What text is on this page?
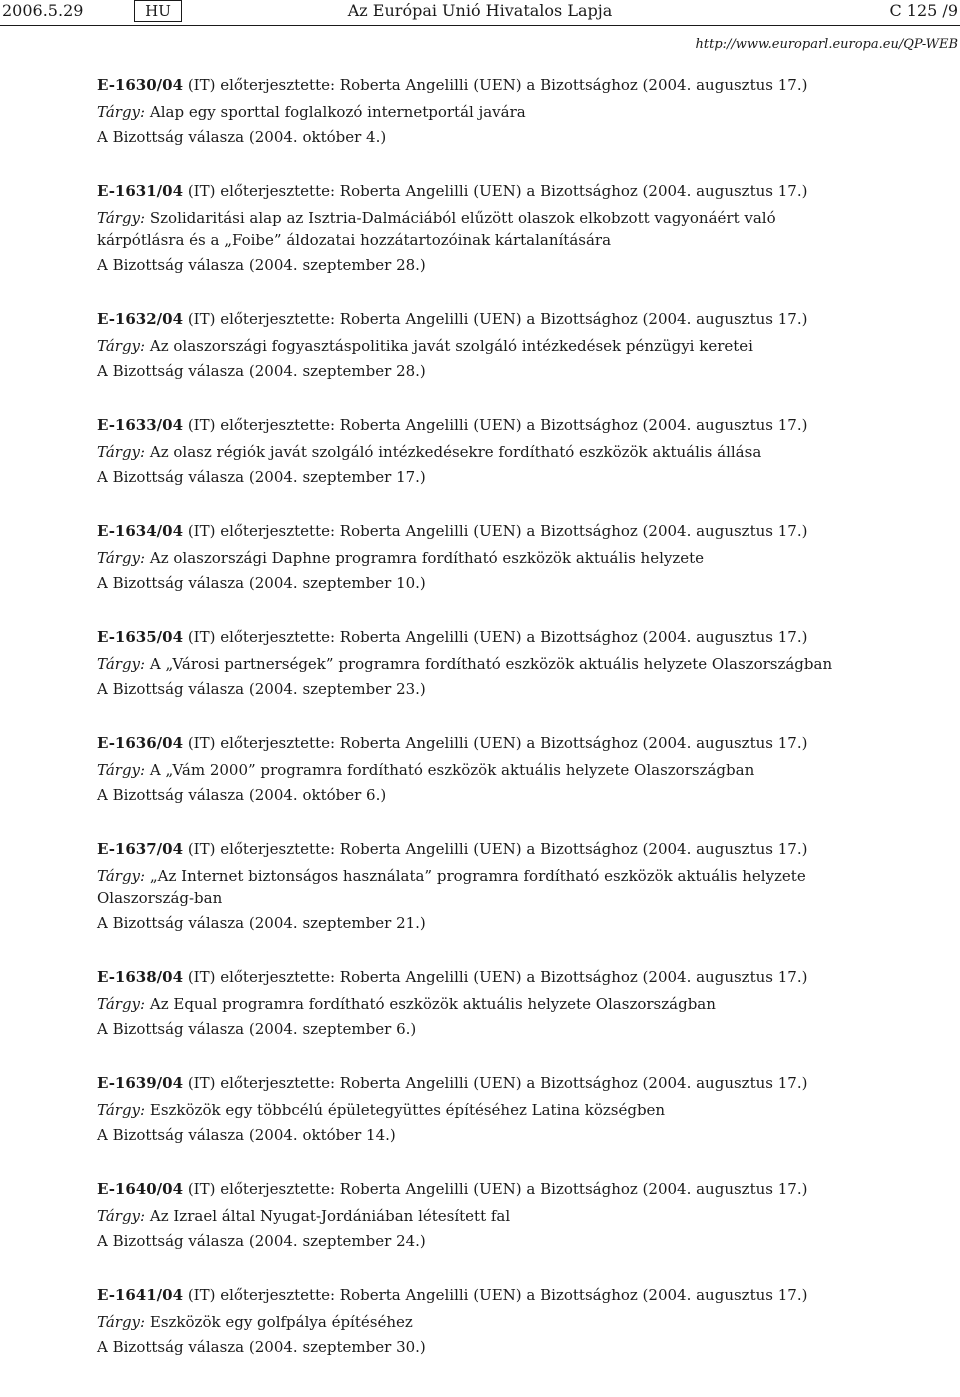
2006.5.29	HU	Az Európai Unió Hivatalos Lapja	C 125 /9
http://www.europarl.europa.eu/QP-WEB

E-1630/04 (IT) előterjesztette: Roberta Angelilli (UEN) a Bizottsághoz (2004. augusztus 17.)

Tárgy: Alap egy sporttal foglalkozó internetportál javára

A Bizottság válasza (2004. október 4.)

E-1631/04 (IT) előterjesztette: Roberta Angelilli (UEN) a Bizottsághoz (2004. augusztus 17.)

Tárgy: Szolidaritási alap az Isztria-Dalmáciából elűzött olaszok elkobzott vagyonáért való kárpótlásra és a „Foibe” áldozatai hozzátartozóinak kártalanítására

A Bizottság válasza (2004. szeptember 28.)

E-1632/04 (IT) előterjesztette: Roberta Angelilli (UEN) a Bizottsághoz (2004. augusztus 17.)

Tárgy: Az olaszországi fogyasztáspolitika javát szolgáló intézkedések pénzügyi keretei

A Bizottság válasza (2004. szeptember 28.)

E-1633/04 (IT) előterjesztette: Roberta Angelilli (UEN) a Bizottsághoz (2004. augusztus 17.)

Tárgy: Az olasz régiók javát szolgáló intézkedésekre fordítható eszközök aktuális állása

A Bizottság válasza (2004. szeptember 17.)

E-1634/04 (IT) előterjesztette: Roberta Angelilli (UEN) a Bizottsághoz (2004. augusztus 17.)

Tárgy: Az olaszországi Daphne programra fordítható eszközök aktuális helyzete

A Bizottság válasza (2004. szeptember 10.)

E-1635/04 (IT) előterjesztette: Roberta Angelilli (UEN) a Bizottsághoz (2004. augusztus 17.)

Tárgy: A „Városi partnerségek” programra fordítható eszközök aktuális helyzete Olaszországban

A Bizottság válasza (2004. szeptember 23.)

E-1636/04 (IT) előterjesztette: Roberta Angelilli (UEN) a Bizottsághoz (2004. augusztus 17.)

Tárgy: A „Vám 2000” programra fordítható eszközök aktuális helyzete Olaszországban

A Bizottság válasza (2004. október 6.)

E-1637/04 (IT) előterjesztette: Roberta Angelilli (UEN) a Bizottsághoz (2004. augusztus 17.)

Tárgy: „Az Internet biztonságos használata” programra fordítható eszközök aktuális helyzete Olaszország-ban

A Bizottság válasza (2004. szeptember 21.)

E-1638/04 (IT) előterjesztette: Roberta Angelilli (UEN) a Bizottsághoz (2004. augusztus 17.)

Tárgy: Az Equal programra fordítható eszközök aktuális helyzete Olaszországban

A Bizottság válasza (2004. szeptember 6.)

E-1639/04 (IT) előterjesztette: Roberta Angelilli (UEN) a Bizottsághoz (2004. augusztus 17.)

Tárgy: Eszközök egy többcélú épületegyüttes építéséhez Latina községben

A Bizottság válasza (2004. október 14.)

E-1640/04 (IT) előterjesztette: Roberta Angelilli (UEN) a Bizottsághoz (2004. augusztus 17.)

Tárgy: Az Izrael által Nyugat-Jordániában létesített fal

A Bizottság válasza (2004. szeptember 24.)

E-1641/04 (IT) előterjesztette: Roberta Angelilli (UEN) a Bizottsághoz (2004. augusztus 17.)

Tárgy: Eszközök egy golfpálya építéséhez

A Bizottság válasza (2004. szeptember 30.)
